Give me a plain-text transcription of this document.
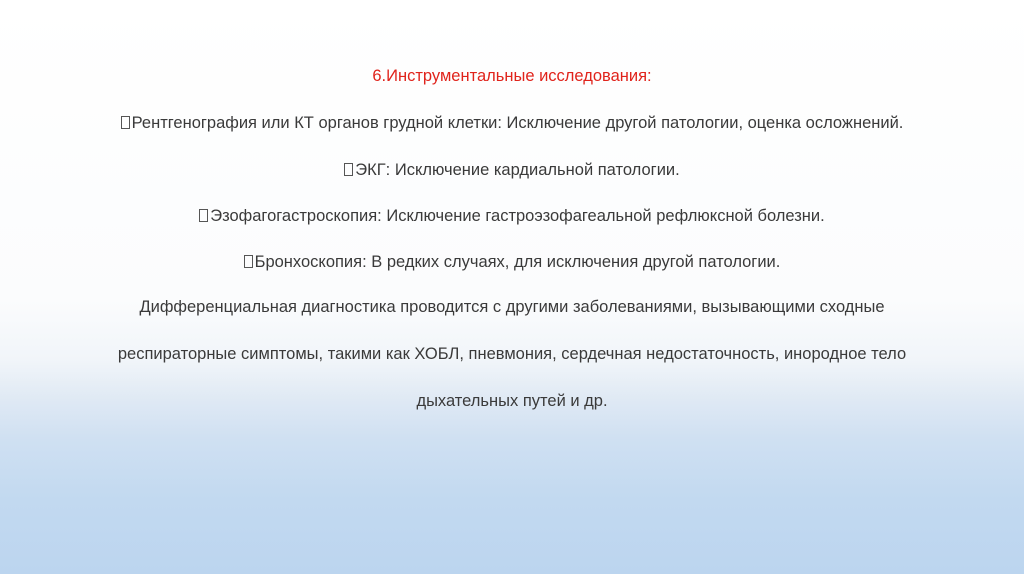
6.Инструментальные исследования:
Рентгенография или КТ органов грудной клетки: Исключение другой патологии, оценка осложнений.
ЭКГ: Исключение кардиальной патологии.
Эзофагогастроскопия: Исключение гастроэзофагеальной рефлюксной болезни.
Бронхоскопия: В редких случаях, для исключения другой патологии.
Дифференциальная диагностика проводится с другими заболеваниями, вызывающими сходные
респираторные симптомы, такими как ХОБЛ, пневмония, сердечная недостаточность, инородное тело
дыхательных путей и др.
